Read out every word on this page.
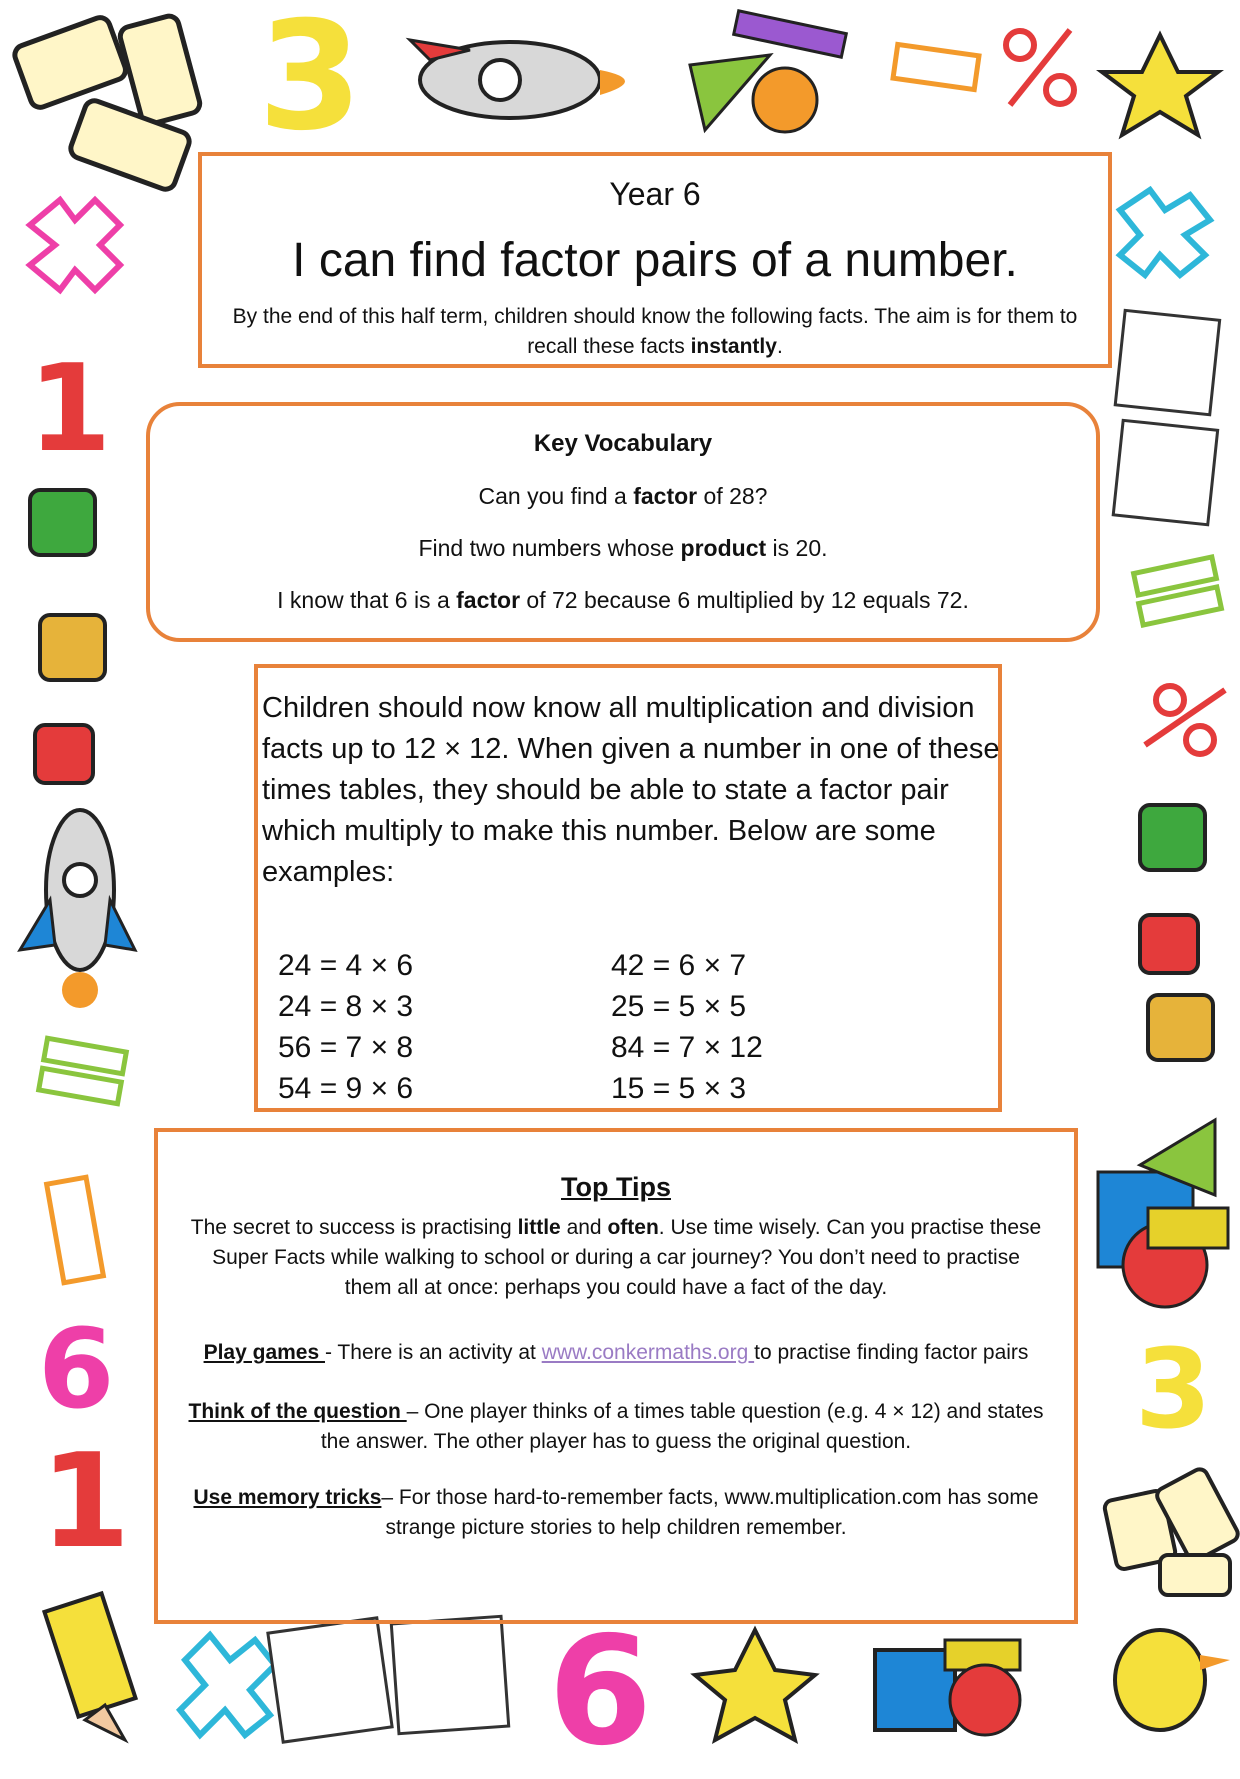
3
1
6
1
3
6
Year 6
I can find factor pairs of a number.
By the end of this half term, children should know the following facts. The aim is for them to recall these facts instantly.
Key Vocabulary
Can you find a factor of 28?
Find two numbers whose product is 20.
I know that 6 is a factor of 72 because 6 multiplied by 12 equals 72.

Children should now know all multiplication and division facts up to 12 × 12. When given a number in one of these times tables, they should be able to state a factor pair which multiply to make this number. Below are some examples:

24 = 4 × 6	42 = 6 × 7
24 = 8 × 3	25 = 5 × 5
56 = 7 × 8	84 = 7 × 12
54 = 9 × 6	15 = 5 × 3
Top Tips

The secret to success is practising little and often. Use time wisely. Can you practise these Super Facts while walking to school or during a car journey? You don’t need to practise them all at once: perhaps you could have a fact of the day.

Play games - There is an activity at www.conkermaths.org to practise finding factor pairs

Think of the question – One player thinks of a times table question (e.g. 4 × 12) and states the answer. The other player has to guess the original question.

Use memory tricks– For those hard-to-remember facts, www.multiplication.com has some strange picture stories to help children remember.
